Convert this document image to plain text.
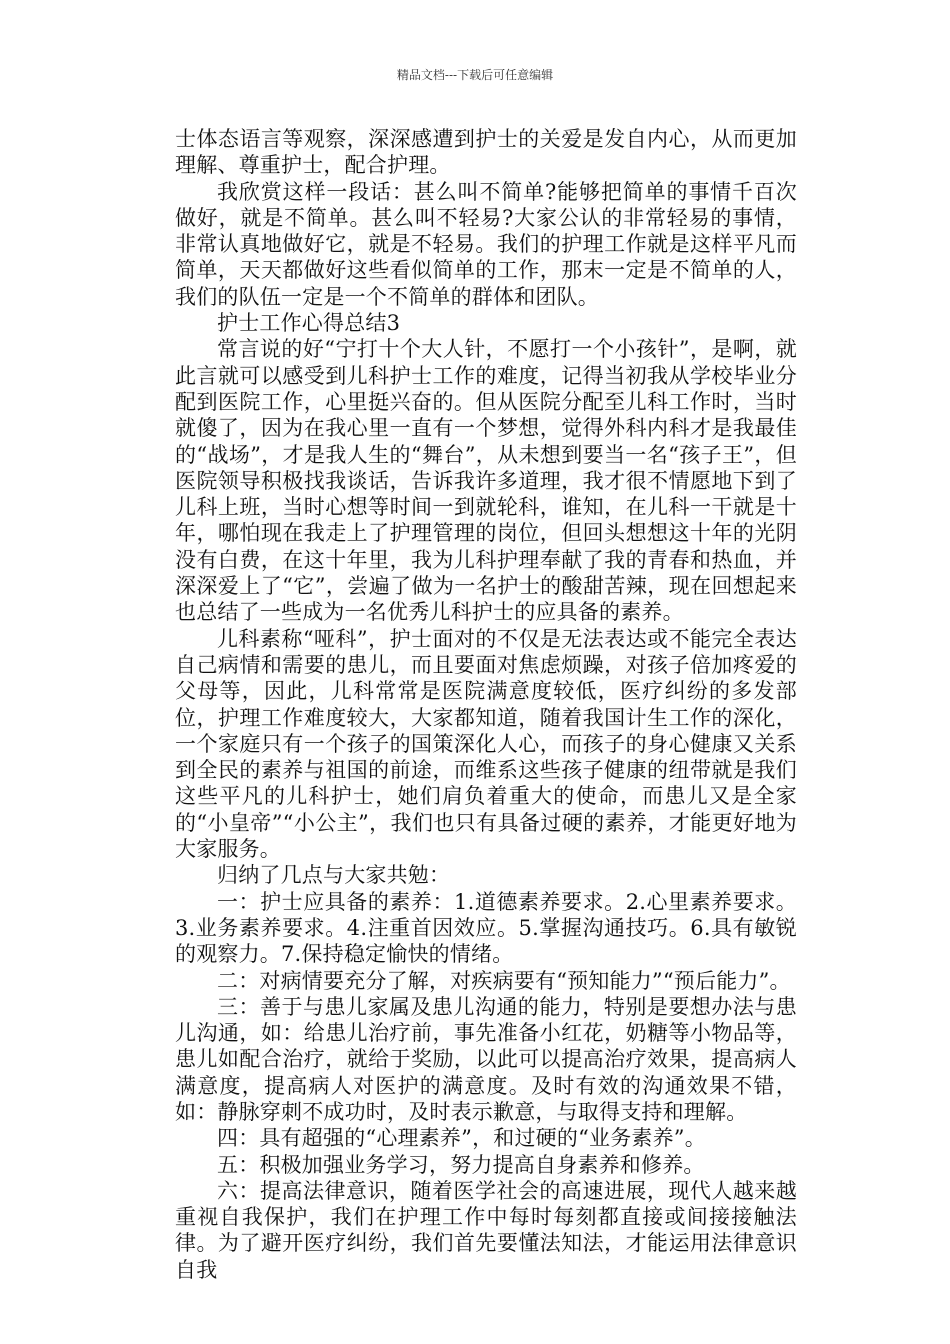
精品文档---下载后可任意编辑

士体态语言等观察，深深感遭到护士的关爱是发自内心，从而更加理解、尊重护士，配合护理。

我欣赏这样一段话：甚么叫不简单?能够把简单的事情千百次做好，就是不简单。甚么叫不轻易?大家公认的非常轻易的事情，非常认真地做好它，就是不轻易。我们的护理工作就是这样平凡而简单，天天都做好这些看似简单的工作，那末一定是不简单的人，我们的队伍一定是一个不简单的群体和团队。

护士工作心得总结3

常言说的好“宁打十个大人针，不愿打一个小孩针”，是啊，就此言就可以感受到儿科护士工作的难度，记得当初我从学校毕业分配到医院工作，心里挺兴奋的。但从医院分配至儿科工作时，当时就傻了，因为在我心里一直有一个梦想，觉得外科内科才是我最佳的“战场”，才是我人生的“舞台”，从未想到要当一名“孩子王”，但医院领导积极找我谈话，告诉我许多道理，我才很不情愿地下到了儿科上班，当时心想等时间一到就轮科，谁知，在儿科一干就是十年，哪怕现在我走上了护理管理的岗位，但回头想想这十年的光阴没有白费，在这十年里，我为儿科护理奉献了我的青春和热血，并深深爱上了“它”，尝遍了做为一名护士的酸甜苦辣，现在回想起来也总结了一些成为一名优秀儿科护士的应具备的素养。

儿科素称“哑科”，护士面对的不仅是无法表达或不能完全表达自己病情和需要的患儿，而且要面对焦虑烦躁，对孩子倍加疼爱的父母等，因此，儿科常常是医院满意度较低，医疗纠纷的多发部位，护理工作难度较大，大家都知道，随着我国计生工作的深化，一个家庭只有一个孩子的国策深化人心，而孩子的身心健康又关系到全民的素养与祖国的前途，而维系这些孩子健康的纽带就是我们这些平凡的儿科护士，她们肩负着重大的使命，而患儿又是全家的“小皇帝”“小公主”，我们也只有具备过硬的素养，才能更好地为大家服务。

归纳了几点与大家共勉：

一：护士应具备的素养：1.道德素养要求。2.心里素养要求。3.业务素养要求。4.注重首因效应。5.掌握沟通技巧。6.具有敏锐的观察力。7.保持稳定愉快的情绪。

二：对病情要充分了解，对疾病要有“预知能力”“预后能力”。

三：善于与患儿家属及患儿沟通的能力，特别是要想办法与患儿沟通，如：给患儿治疗前，事先准备小红花，奶糖等小物品等，患儿如配合治疗，就给于奖励，以此可以提高治疗效果，提高病人满意度，提高病人对医护的满意度。及时有效的沟通效果不错，如：静脉穿刺不成功时，及时表示歉意，与取得支持和理解。

四：具有超强的“心理素养”，和过硬的“业务素养”。

五：积极加强业务学习，努力提高自身素养和修养。

六：提高法律意识，随着医学社会的高速进展，现代人越来越重视自我保护，我们在护理工作中每时每刻都直接或间接接触法律。为了避开医疗纠纷，我们首先要懂法知法，才能运用法律意识自我
